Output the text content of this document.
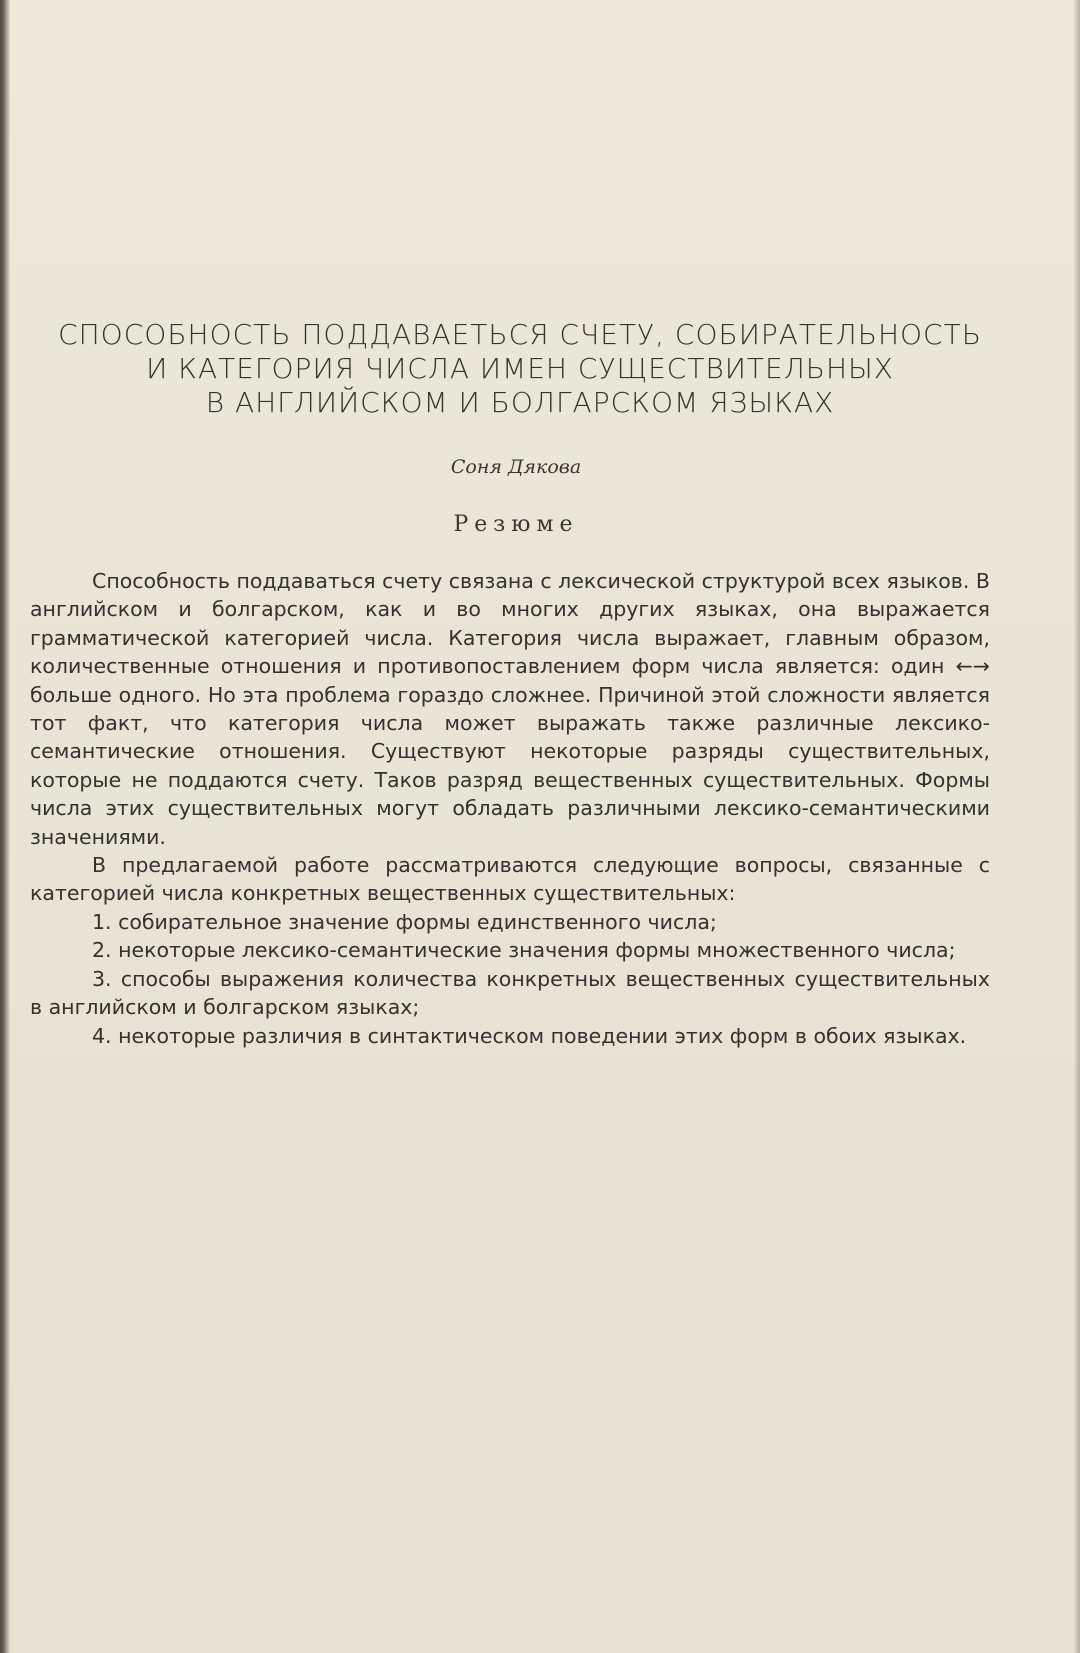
СПОСОБНОСТЬ ПОДДАВАЕТЬСЯ СЧЕТУ, СОБИРАТЕЛЬНОСТЬ
И КАТЕГОРИЯ ЧИСЛА ИМЕН СУЩЕСТВИТЕЛЬНЫХ
В АНГЛИЙСКОМ И БОЛГАРСКОМ ЯЗЫКАХ
Соня Дякова
Резюме

Способность поддаваться счету связана с лексической структурой всех языков. В английском и болгарском, как и во многих других языках, она выражается грамматической категорией числа. Категория числа выражает, главным образом, количественные отношения и противопоставлением форм числа является: один ←→ больше одного. Но эта проблема гораздо сложнее. Причиной этой сложности является тот факт, что категория числа может выражать также различные лексико-семантические отношения. Существуют некоторые разряды существительных, которые не поддаются счету. Таков разряд вещественных существительных. Формы числа этих существительных могут обладать различными лексико-семантическими значениями.

В предлагаемой работе рассматриваются следующие вопросы, связанные с категорией числа конкретных вещественных существительных:

1. собирательное значение формы единственного числа;

2. некоторые лексико-семантические значения формы множественного числа;

3. способы выражения количества конкретных вещественных существительных в английском и болгарском языках;

4. некоторые различия в синтактическом поведении этих форм в обоих языках.
